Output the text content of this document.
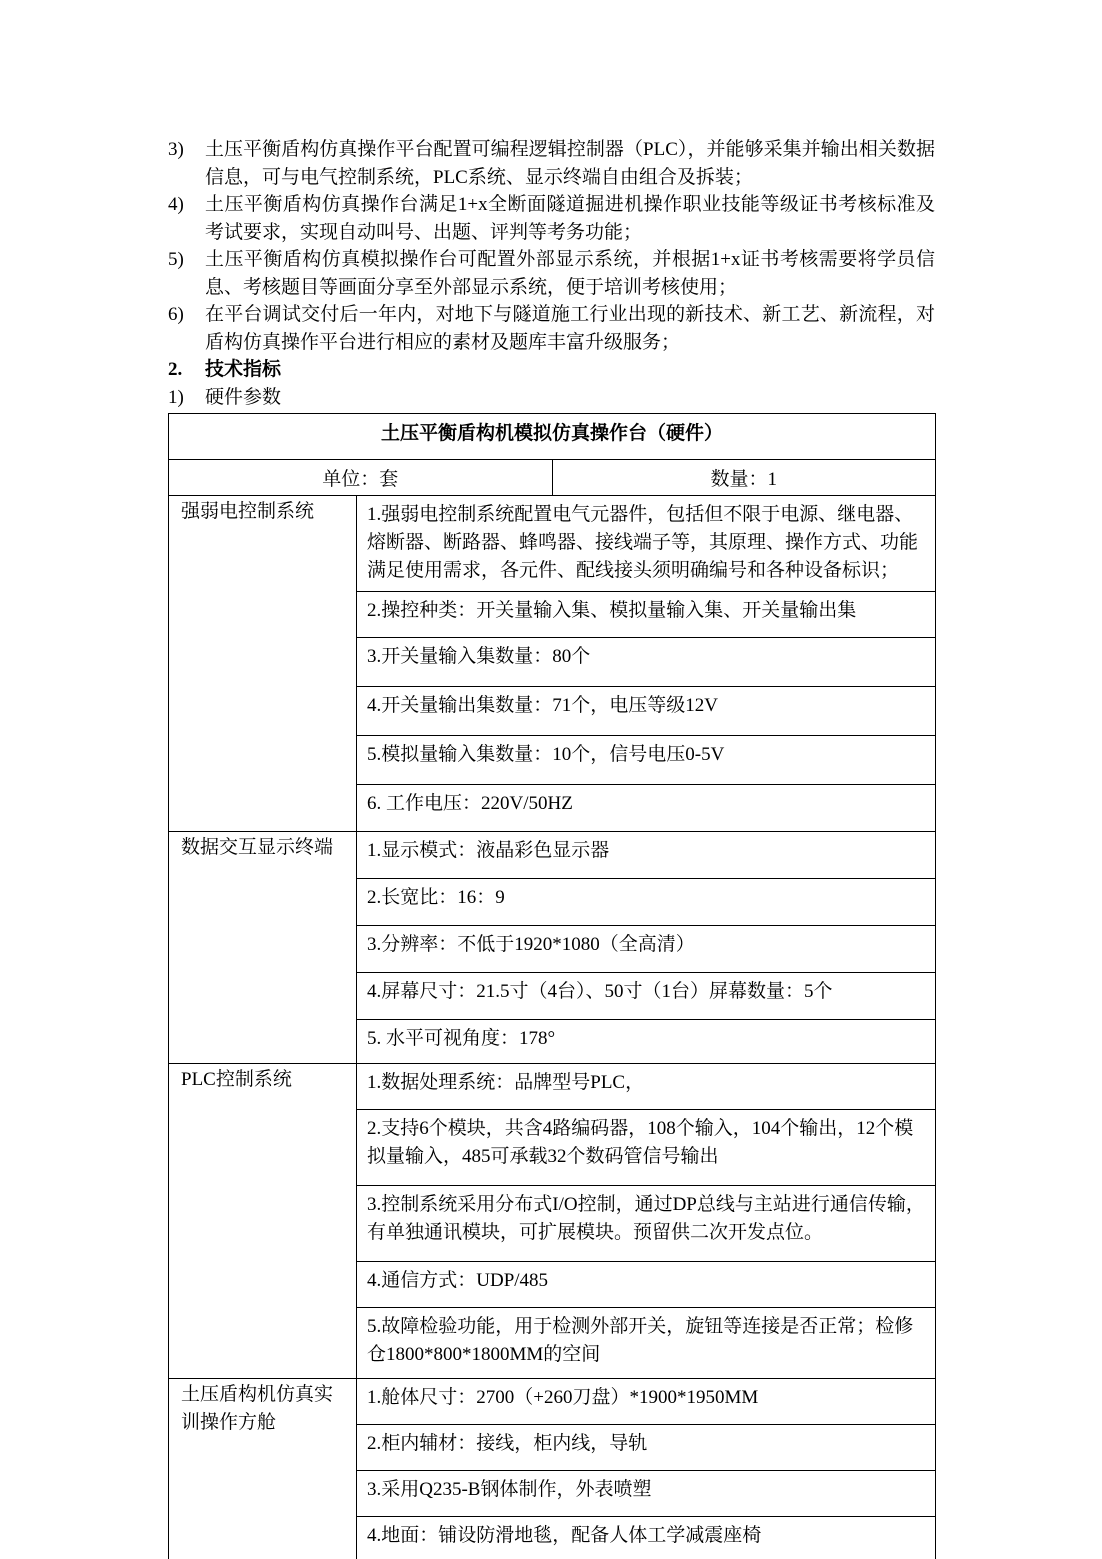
3)	土压平衡盾构仿真操作平台配置可编程逻辑控制器（PLC），并能够采集并输出相关数据信息，可与电气控制系统，PLC系统、显示终端自由组合及拆装；
4)	土压平衡盾构仿真操作台满足1+x全断面隧道掘进机操作职业技能等级证书考核标准及考试要求，实现自动叫号、出题、评判等考务功能；
5)	土压平衡盾构仿真模拟操作台可配置外部显示系统，并根据1+x证书考核需要将学员信息、考核题目等画面分享至外部显示系统，便于培训考核使用；
6)	在平台调试交付后一年内，对地下与隧道施工行业出现的新技术、新工艺、新流程，对盾构仿真操作平台进行相应的素材及题库丰富升级服务；
2.	技术指标
1)	硬件参数
土压平衡盾构机模拟仿真操作台（硬件）	

单位：套 数量：1	

强弱电控制系统	1.强弱电控制系统配置电气元器件，包括但不限于电源、继电器、熔断器、断路器、蜂鸣器、接线端子等，其原理、操作方式、功能满足使用需求，各元件、配线接头须明确编号和各种设备标识；
	2.操控种类：开关量输入集、模拟量输入集、开关量输出集
	3.开关量输入集数量：80个
	4.开关量输出集数量：71个，电压等级12V
	5.模拟量输入集数量：10个，信号电压0-5V
	6. 工作电压：220V/50HZ
数据交互显示终端	1.显示模式：液晶彩色显示器
	2.长宽比：16：9
	3.分辨率：不低于1920*1080（全高清）
	4.屏幕尺寸：21.5寸（4台）、50寸（1台）屏幕数量：5个
	5. 水平可视角度：178°
PLC控制系统	1.数据处理系统：品牌型号PLC，
	2.支持6个模块，共含4路编码器，108个输入，104个输出，12个模拟量输入，485可承载32个数码管信号输出
	3.控制系统采用分布式I/O控制，通过DP总线与主站进行通信传输，有单独通讯模块，可扩展模块。预留供二次开发点位。
	4.通信方式：UDP/485
	5.故障检验功能，用于检测外部开关，旋钮等连接是否正常；检修仓1800*800*1800MM的空间
土压盾构机仿真实训操作方舱	1.舱体尺寸：2700（+260刀盘）*1900*1950MM
	2.柜内辅材：接线，柜内线，导轨
	3.采用Q235-B钢体制作，外表喷塑
	4.地面：铺设防滑地毯，配备人体工学减震座椅
